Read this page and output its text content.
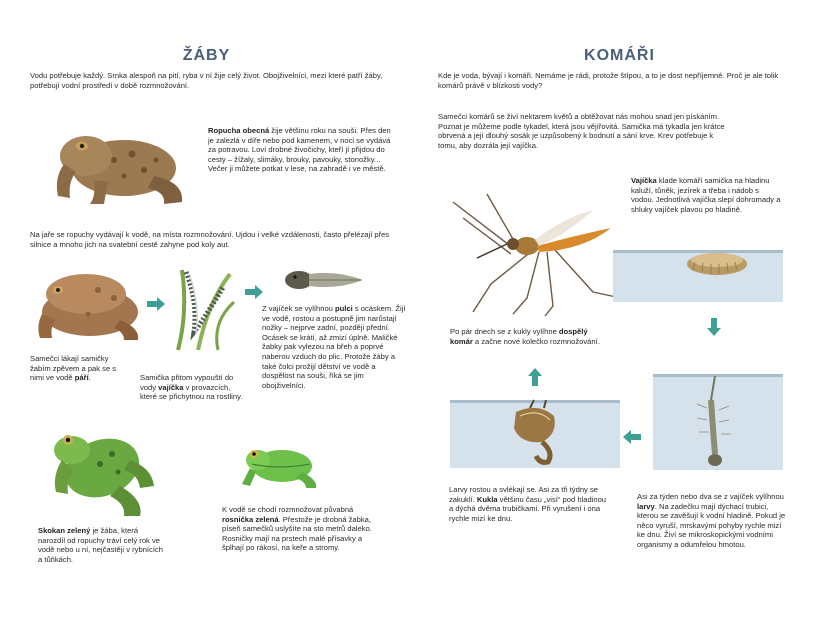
ŽÁBY

Vodu potřebuje každý. Srnka alespoň na pití, ryba v ní žije celý život. Obojživelníci, mezi které patří žáby, potřebují vodní prostředí v době rozmnožování.

Ropucha obecná žije většinu roku na souši. Přes den je zalezlá v díře nebo pod kamenem, v noci se vydává za potravou. Loví drobné živočichy, kteří jí přijdou do cesty – žížaly, slimáky, brouky, pavouky, stonožky... Večer ji můžete potkat v lese, na zahradě i ve městě.

Na jaře se ropuchy vydávají k vodě, na místa rozmnožování. Ujdou i velké vzdálenosti, často přelézají přes silnice a mnoho jich na svatební cestě zahyne pod koly aut.

Z vajíček se vylíhnou pulci s ocáskem. Žijí ve vodě, rostou a postupně jim narůstají nožky – nejprve zadní, později přední. Ocásek se krátí, až zmizí úplně. Maličké žabky pak vylezou na břeh a poprvé naberou vzduch do plic. Protože žáby a také čolci prožijí dětství ve vodě a dospělost na souši, říká se jim obojživelníci.

Samečci lákají samičky žabím zpěvem a pak se s nimi ve vodě páří.	Samička přitom vypouští do vody vajíčka v provazcích, které se přichytnou na rostliny.

Skokan zelený je žába, která narozdíl od ropuchy tráví celý rok ve vodě nebo u ní, nejčastěji v rybnících a tůňkách.

K vodě se chodí rozmnožovat půvabná rosnička zelená. Přestože je drobná žabka, píseň samečků uslyšíte na sto metrů daleko. Rosničky mají na prstech malé přísavky a šplhají po rákosí, na keře a stromy.

KOMÁŘI

Kde je voda, bývají i komáři. Nemáme je rádi, protože štípou, a to je dost nepříjemné. Proč je ale tolik komárů právě v blízkosti vody?

Samečci komárů se živí nektarem květů a obtěžovat nás mohou snad jen pískáním. Poznat je můžeme podle tykadel, která jsou vějířovitá. Samička má tykadla jen krátce obrvená a její dlouhý sosák je uzpůsobený k bodnutí a sání krve. Krev potřebuje k tomu, aby dozrála její vajíčka.

Vajíčka klade komáří samička na hladinu kaluží, tůněk, jezírek a třeba i nádob s vodou. Jednotlivá vajíčka slepí dohromady a shluky vajíček plavou po hladině.

Po pár dnech se z kukly vylíhne dospělý komár a začne nové kolečko rozmnožování.

Larvy rostou a svlékají se. Asi za tři týdny se zakuklí. Kukla většinu času „visí“ pod hladinou a dýchá dvěma trubičkami. Při vyrušení i ona rychle mizí ke dnu.

Asi za týden nebo dva se z vajíček vylíhnou larvy. Na zadečku mají dýchací trubici, kterou se zavěšují k vodní hladině. Pokud je něco vyruší, mrskavými pohyby rychle mizí ke dnu. Živí se mikroskopickými vodními organismy a odumřelou hmotou.
